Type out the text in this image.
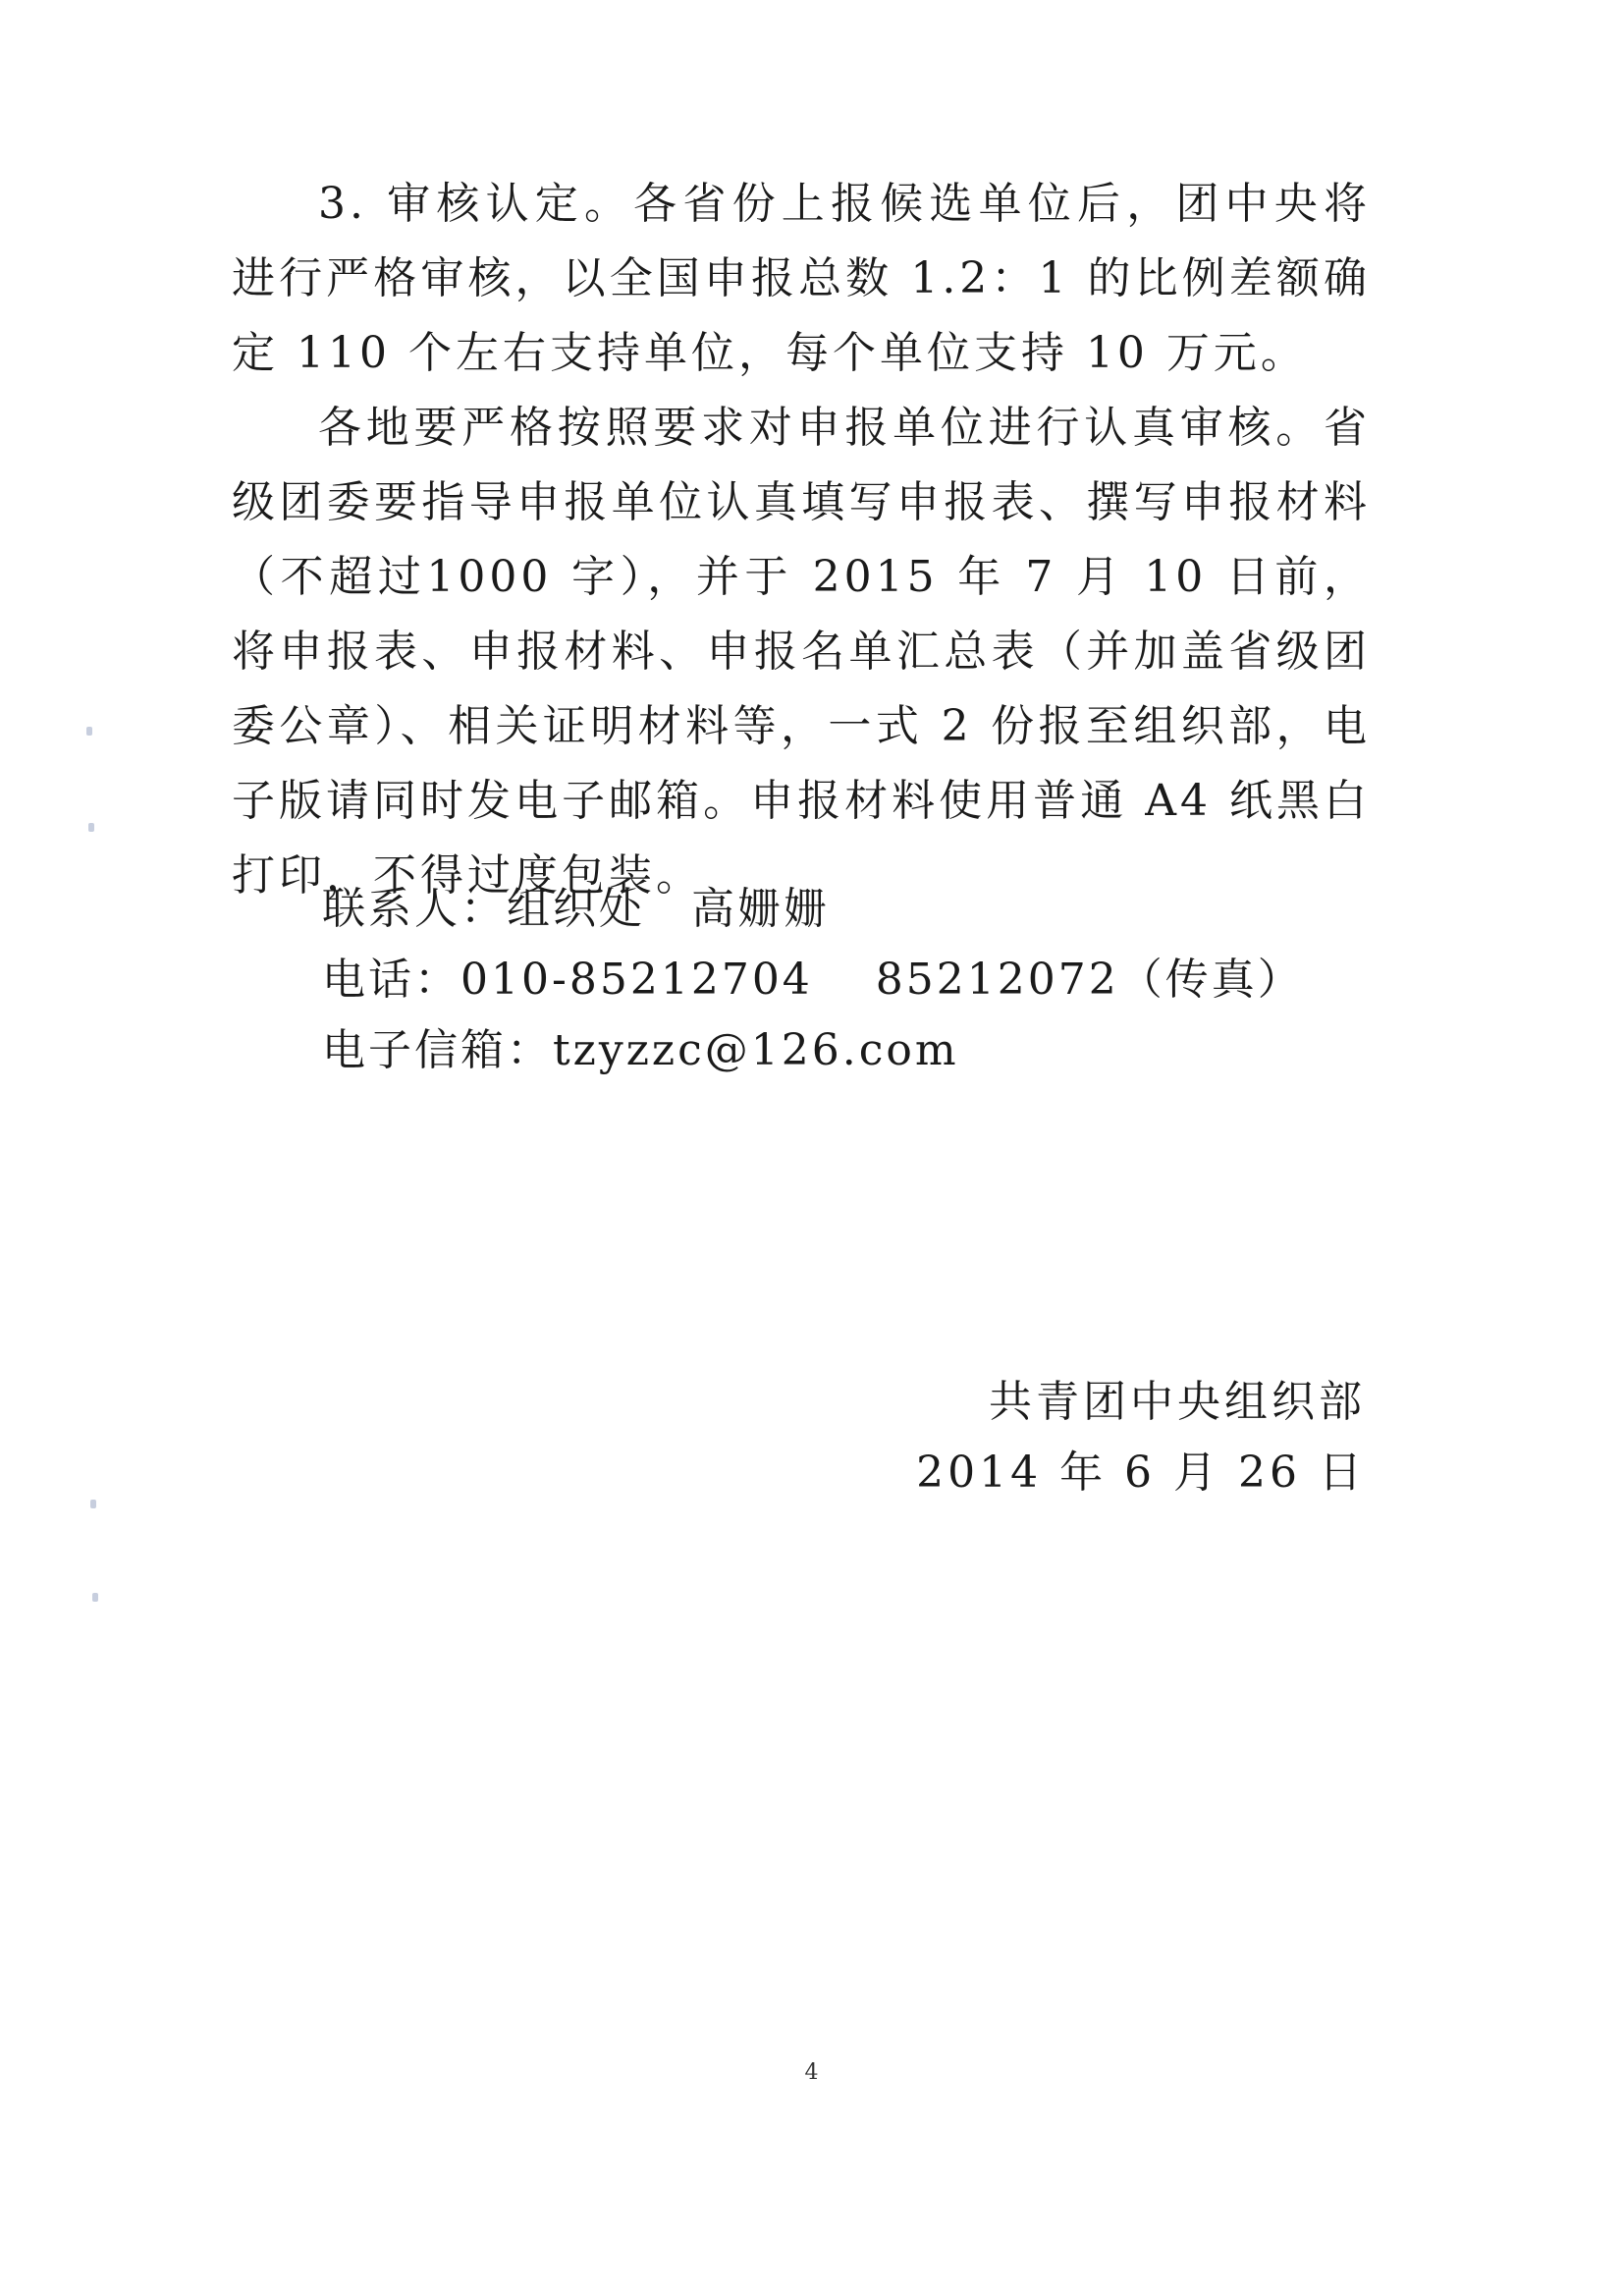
3. 审核认定。各省份上报候选单位后，团中央将进行严格审核，以全国申报总数 1.2：1 的比例差额确定 110 个左右支持单位，每个单位支持 10 万元。

各地要严格按照要求对申报单位进行认真审核。省级团委要指导申报单位认真填写申报表、撰写申报材料（不超过1000 字），并于 2015 年 7 月 10 日前，将申报表、申报材料、申报名单汇总表（并加盖省级团委公章）、相关证明材料等，一式 2 份报至组织部，电子版请同时发电子邮箱。申报材料使用普通 A4 纸黑白打印，不得过度包装。

联系人：组织处　高姗姗
电话：010-85212704　 85212072（传真）
电子信箱：tzyzzc@126.com
共青团中央组织部
2014 年 6 月 26 日
4
